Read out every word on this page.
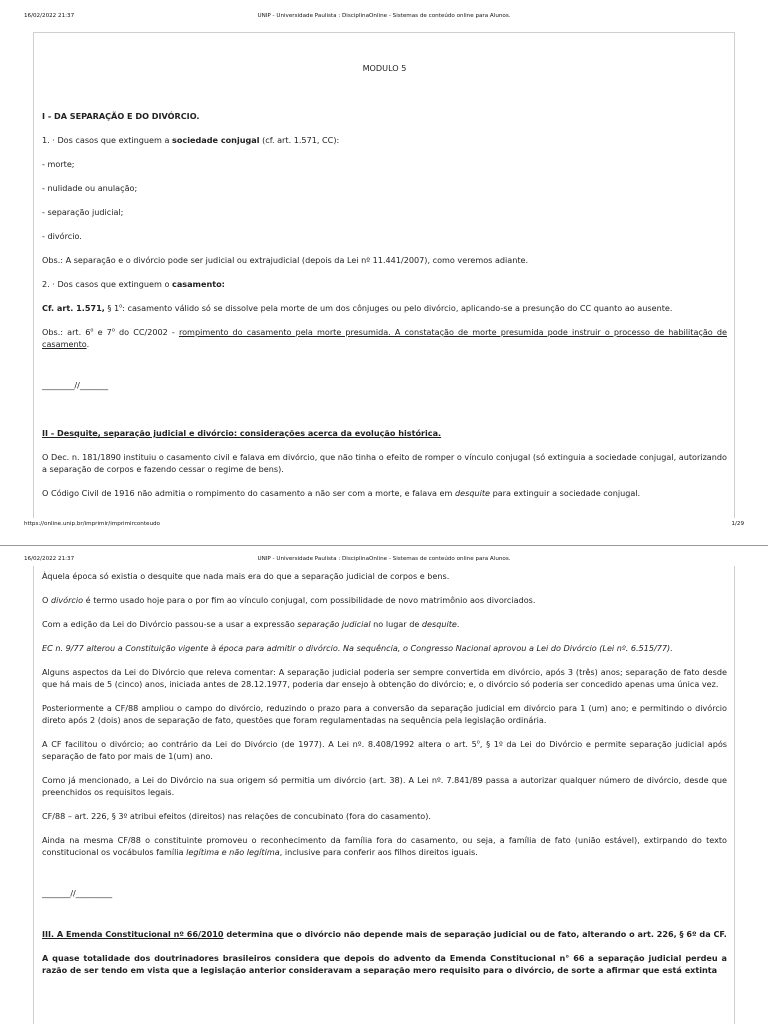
16/02/2022 21:37	UNIP - Universidade Paulista : DisciplinaOnline - Sistemas de conteúdo online para Alunos.

MODULO 5

I - DA SEPARAÇÃO E DO DIVÓRCIO.

1. · Dos casos que extinguem a sociedade conjugal (cf. art. 1.571, CC):

- morte;

- nulidade ou anulação;

- separação judicial;

- divórcio.

Obs.: A separação e o divórcio pode ser judicial ou extrajudicial (depois da Lei nº 11.441/2007), como veremos adiante.

2. · Dos casos que extinguem o casamento:

Cf. art. 1.571, § 1$^o$: casamento válido só se dissolve pela morte de um dos cônjuges ou pelo divórcio, aplicando-se a presunção do CC quanto ao ausente.

Obs.: art. 6$^o$ e 7$^o$ do CC/2002 - rompimento do casamento pela morte presumida. A constatação de morte presumida pode instruir o processo de habilitação de casamento.

________//_______

II - Desquite, separação judicial e divórcio: considerações acerca da evolução histórica.

O Dec. n. 181/1890 instituiu o casamento civil e falava em divórcio, que não tinha o efeito de romper o vínculo conjugal (só extinguia a sociedade conjugal, autorizando a separação de corpos e fazendo cessar o regime de bens).

O Código Civil de 1916 não admitia o rompimento do casamento a não ser com a morte, e falava em desquite para extinguir a sociedade conjugal.

https://online.unip.br/imprimir/imprimirconteudo	1/29
16/02/2022 21:37	UNIP - Universidade Paulista : DisciplinaOnline - Sistemas de conteúdo online para Alunos.

Àquela época só existia o desquite que nada mais era do que a separação judicial de corpos e bens.

O divórcio é termo usado hoje para o por fim ao vínculo conjugal, com possibilidade de novo matrimônio aos divorciados.

Com a edição da Lei do Divórcio passou-se a usar a expressão separação judicial no lugar de desquite.

EC n. 9/77 alterou a Constituição vigente à época para admitir o divórcio. Na sequência, o Congresso Nacional aprovou a Lei do Divórcio (Lei nº. 6.515/77).

Alguns aspectos da Lei do Divórcio que releva comentar: A separação judicial poderia ser sempre convertida em divórcio, após 3 (três) anos; separação de fato desde que há mais de 5 (cinco) anos, iniciada antes de 28.12.1977, poderia dar ensejo à obtenção do divórcio; e, o divórcio só poderia ser concedido apenas uma única vez.

Posteriormente a CF/88 ampliou o campo do divórcio, reduzindo o prazo para a conversão da separação judicial em divórcio para 1 (um) ano; e permitindo o divórcio direto após 2 (dois) anos de separação de fato, questões que foram regulamentadas na sequência pela legislação ordinária.

A CF facilitou o divórcio; ao contrário da Lei do Divórcio (de 1977). A Lei nº. 8.408/1992 altera o art. 5$^o$, § 1º da Lei do Divórcio e permite separação judicial após separação de fato por mais de 1(um) ano.

Como já mencionado, a Lei do Divórcio na sua origem só permitia um divórcio (art. 38). A Lei nº. 7.841/89 passa a autorizar qualquer número de divórcio, desde que preenchidos os requisitos legais.

CF/88 – art. 226, § 3º atribui efeitos (direitos) nas relações de concubinato (fora do casamento).

Ainda na mesma CF/88 o constituinte promoveu o reconhecimento da família fora do casamento, ou seja, a família de fato (união estável), extirpando do texto constitucional os vocábulos família legítima e não legítima, inclusive para conferir aos filhos direitos iguais.

_______//_________

III. A Emenda Constitucional nº 66/2010 determina que o divórcio não depende mais de separação judicial ou de fato, alterando o art. 226, § 6º da CF.

A quase totalidade dos doutrinadores brasileiros considera que depois do advento da Emenda Constitucional n° 66 a separação judicial perdeu a razão de ser tendo em vista que a legislação anterior consideravam a separação mero requisito para o divórcio, de sorte a afirmar que está extinta
